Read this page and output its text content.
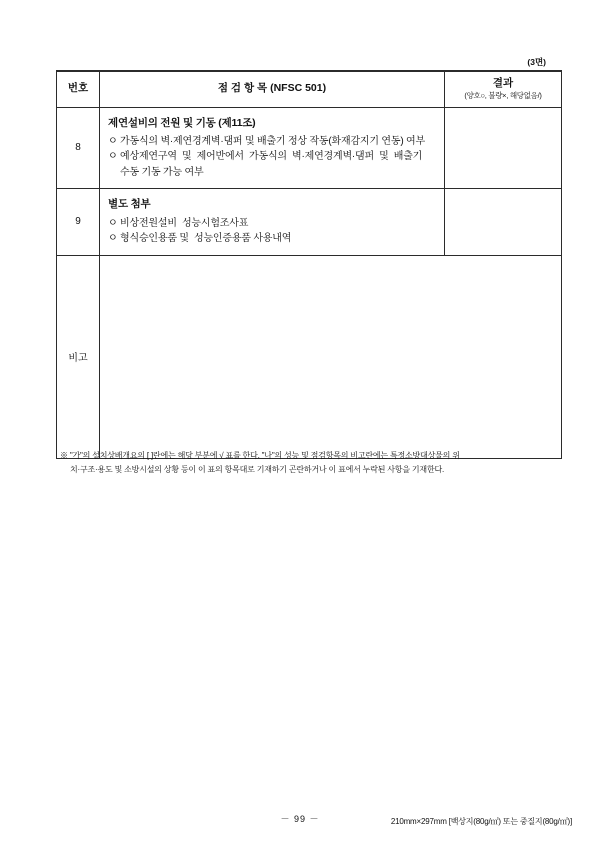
(3면)
번호	점 검 항 목 (NFSC 501)	결과
(양호○, 불량×, 해당없음/)

8	제연설비의 전원 및 기동 (제11조)
ㅇ 가동식의 벽·제연경계벽·댐퍼 및 배출기 정상 작동(화재감지기 연동) 여부
ㅇ 예상제연구역  및  제어반에서  가동식의  벽·제연경계벽·댐퍼  및  배출기
수동 기동 가능 여부	

9	별도 첨부
ㅇ 비상전원설비  성능시험조사표
ㅇ 형식승인용품 및  성능인증용품 사용내역	

비고		
※ "가"의 설치상배개요의 [ ]란에는 해당 부분에 √ 표를 한다. "나"의 성능 및 점검항목의 비고란에는 특정소방대상물의 위
치·구조·용도 및 소방시설의 상황 등이 이 표의 항목대로 기재하기 곤란하거나 이 표에서 누락된 사항을 기재한다.
－ 99 －	210mm×297mm [백상지(80g/㎡) 또는 중질지(80g/㎡)]
